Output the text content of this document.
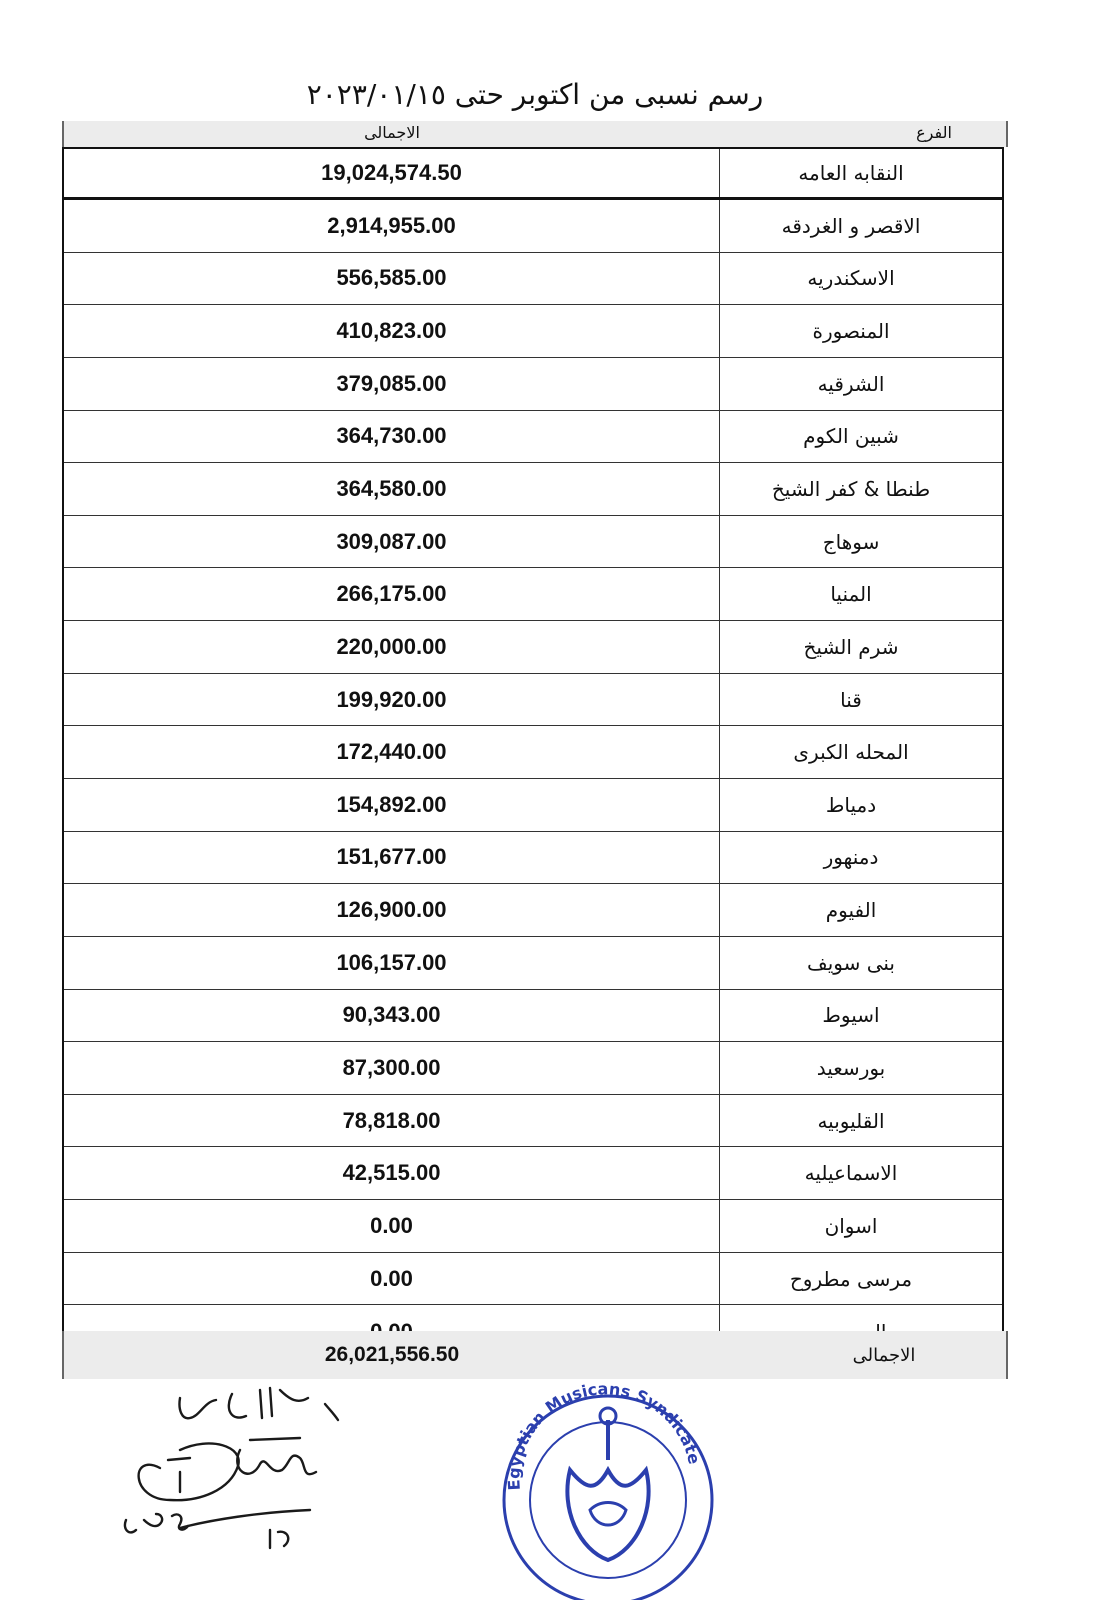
رسم نسبى من اكتوبر حتى ٢٠٢٣/٠١/١٥
الاجمالى	الفرع
19,024,574.50	النقابه العامه
2,914,955.00	الاقصر و الغردقه
556,585.00	الاسكندريه
410,823.00	المنصورة
379,085.00	الشرقيه
364,730.00	شبين الكوم
364,580.00	طنطا & كفر الشيخ
309,087.00	سوهاج
266,175.00	المنيا
220,000.00	شرم الشيخ
199,920.00	قنا
172,440.00	المحله الكبرى
154,892.00	دمياط
151,677.00	دمنهور
126,900.00	الفيوم
106,157.00	بنى سويف
90,343.00	اسيوط
87,300.00	بورسعيد
78,818.00	القليوبيه
42,515.00	الاسماعيليه
0.00	اسوان
0.00	مرسى مطروح
26,021,556.50	الاجمالى
Egyptian Musicans Syndicate
